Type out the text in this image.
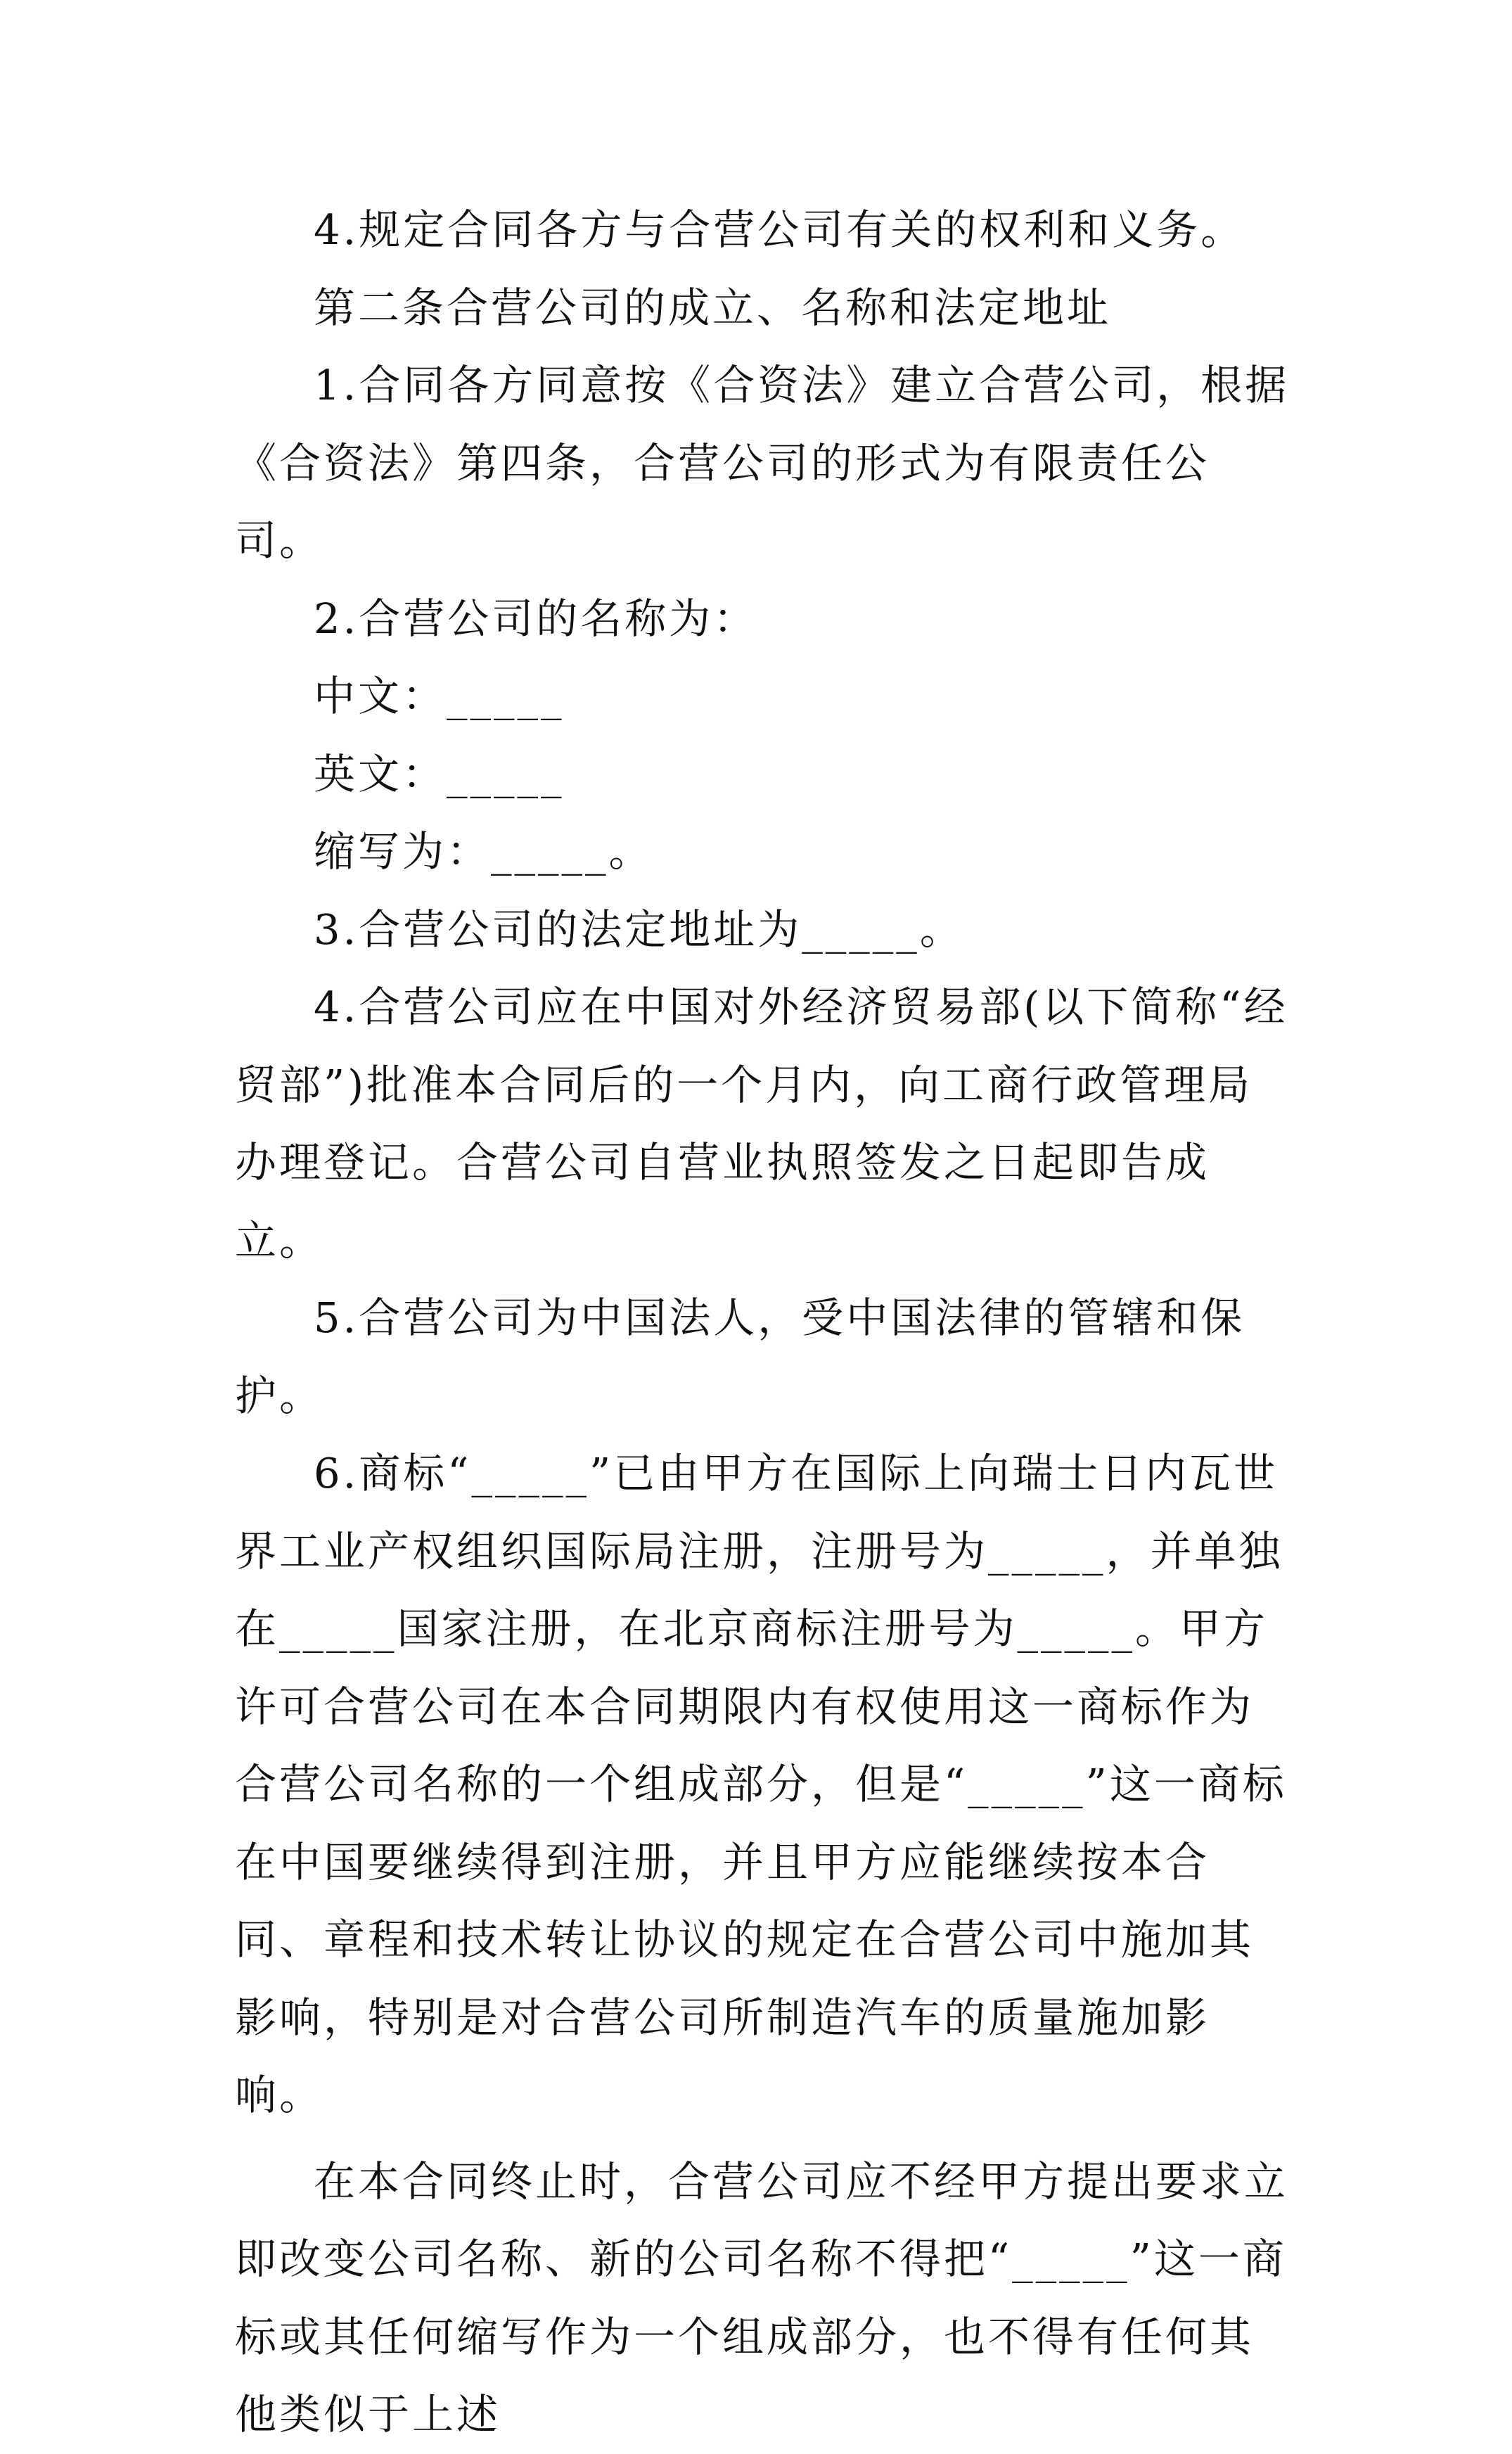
4.规定合同各方与合营公司有关的权利和义务。

第二条合营公司的成立、名称和法定地址

1.合同各方同意按《合资法》建立合营公司，根据《合资法》第四条，合营公司的形式为有限责任公司。

2.合营公司的名称为：

中文：_____

英文：_____

缩写为：_____。

3.合营公司的法定地址为_____。

4.合营公司应在中国对外经济贸易部(以下简称“经贸部”)批准本合同后的一个月内，向工商行政管理局办理登记。合营公司自营业执照签发之日起即告成立。

5.合营公司为中国法人，受中国法律的管辖和保护。

6.商标“_____”已由甲方在国际上向瑞士日内瓦世界工业产权组织国际局注册，注册号为_____，并单独在_____国家注册，在北京商标注册号为_____。甲方许可合营公司在本合同期限内有权使用这一商标作为合营公司名称的一个组成部分，但是“_____”这一商标在中国要继续得到注册，并且甲方应能继续按本合同、章程和技术转让协议的规定在合营公司中施加其影响，特别是对合营公司所制造汽车的质量施加影响。

在本合同终止时，合营公司应不经甲方提出要求立即改变公司名称、新的公司名称不得把“_____”这一商标或其任何缩写作为一个组成部分，也不得有任何其他类似于上述
